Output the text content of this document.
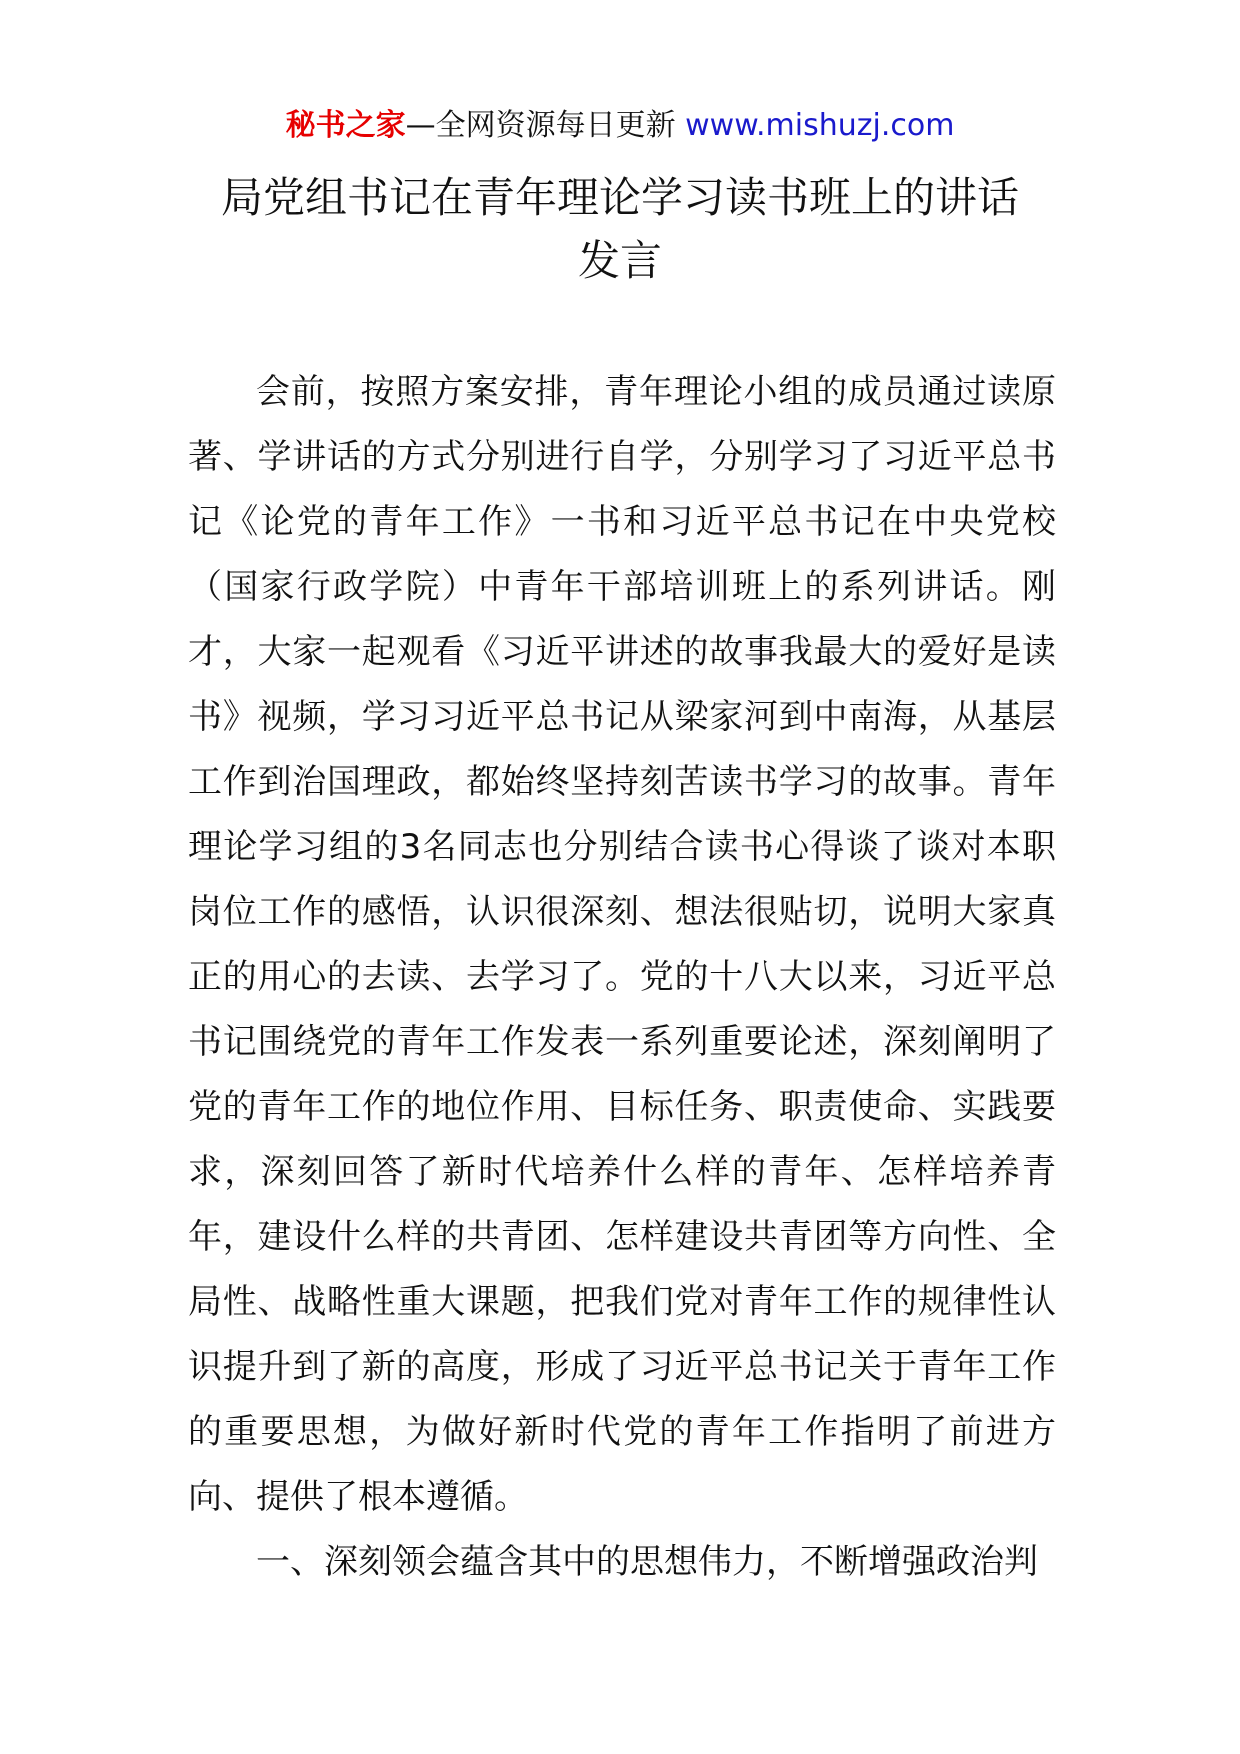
秘书之家—全网资源每日更新 www.mishuzj.com
局党组书记在青年理论学习读书班上的讲话
发言

会前，按照方案安排，青年理论小组的成员通过读原著、学讲话的方式分别进行自学，分别学习了习近平总书记《论党的青年工作》一书和习近平总书记在中央党校（国家行政学院）中青年干部培训班上的系列讲话。刚才，大家一起观看《习近平讲述的故事我最大的爱好是读书》视频，学习习近平总书记从梁家河到中南海，从基层工作到治国理政，都始终坚持刻苦读书学习的故事。青年理论学习组的3名同志也分别结合读书心得谈了谈对本职岗位工作的感悟，认识很深刻、想法很贴切，说明大家真正的用心的去读、去学习了。党的十八大以来，习近平总书记围绕党的青年工作发表一系列重要论述，深刻阐明了党的青年工作的地位作用、目标任务、职责使命、实践要求，深刻回答了新时代培养什么样的青年、怎样培养青年，建设什么样的共青团、怎样建设共青团等方向性、全局性、战略性重大课题，把我们党对青年工作的规律性认识提升到了新的高度，形成了习近平总书记关于青年工作的重要思想，为做好新时代党的青年工作指明了前进方向、提供了根本遵循。

一、深刻领会蕴含其中的思想伟力，不断增强政治判
